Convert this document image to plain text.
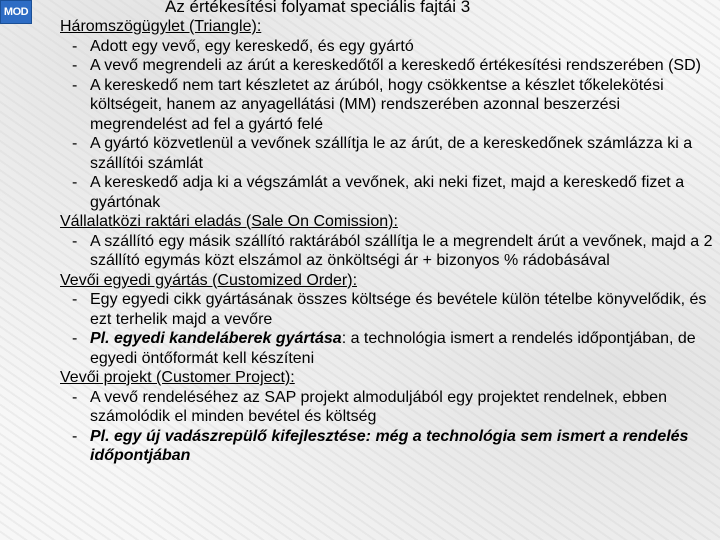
MOD	Az értékesítési folyamat speciális fajtái 3
Háromszögügylet (Triangle):
- Adott egy vevő, egy kereskedő, és egy gyártó
- A vevő megrendeli az árút a kereskedőtől a kereskedő értékesítési rendszerében (SD)
- A kereskedő nem tart készletet az árúból, hogy csökkentse a készlet tőkelekötési költségeit, hanem az anyagellátási (MM) rendszerében azonnal beszerzési megrendelést ad fel a gyártó felé
- A gyártó közvetlenül a vevőnek szállítja le az árút, de a kereskedőnek számlázza ki a szállítói számlát
- A kereskedő adja ki a végszámlát a vevőnek, aki neki fizet, majd a kereskedő fizet a gyártónak
Vállalatközi raktári eladás (Sale On Comission):
- A szállító egy másik szállító raktárából szállítja le a megrendelt árút a vevőnek, majd a 2 szállító egymás közt elszámol az önköltségi ár + bizonyos % rádobásával
Vevői egyedi gyártás (Customized Order):
- Egy egyedi cikk gyártásának összes költsége és bevétele külön tételbe könyvelődik, és ezt terhelik majd a vevőre
- Pl. egyedi kandeláberek gyártása: a technológia ismert a rendelés időpontjában, de egyedi öntőformát kell készíteni
Vevői projekt (Customer Project):
- A vevő rendeléséhez az SAP projekt almoduljából egy projektet rendelnek, ebben számolódik el minden bevétel és költség
- Pl. egy új vadászrepülő kifejlesztése: még a technológia sem ismert a rendelés időpontjában
